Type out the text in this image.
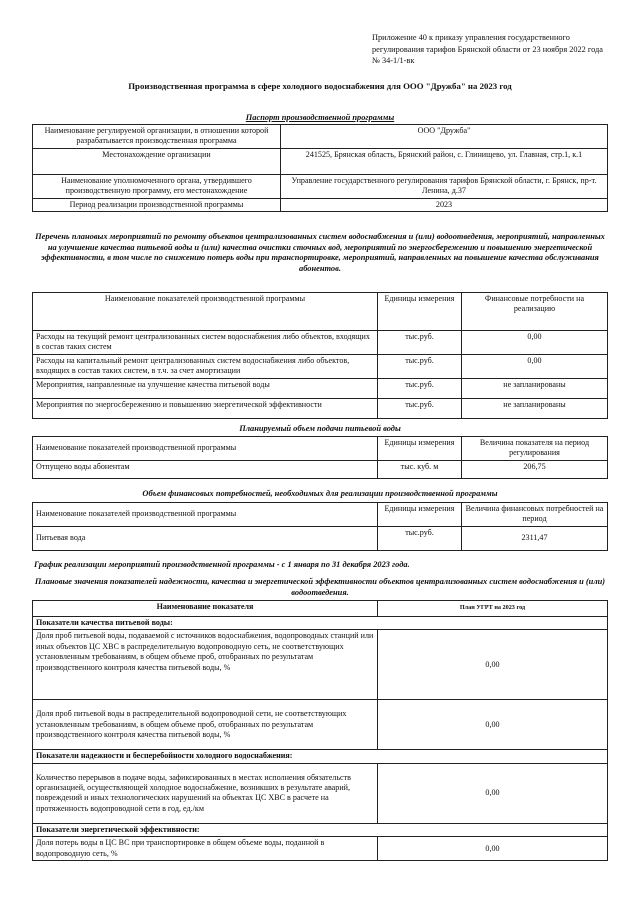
Приложение 40 к приказу управления государственного регулирования тарифов Брянской области от 23 ноября 2022 года № 34-1/1-вк
Производственная программа в сфере холодного водоснабжения для ООО "Дружба" на 2023 год
Паспорт производственной программы
Наименование регулируемой организации, в отношении которой разрабатывается производственная программа	ООО "Дружба"
Местонахождение организации	241525, Брянская область, Брянский район, с. Глинищево, ул. Главная, стр.1, к.1
Наименование уполномоченного органа, утвердившего производственную программу, его местонахождение	Управление государственного регулирования тарифов Брянской области, г. Брянск, пр-т. Ленина, д.37
Период реализации производственной программы	2023
Перечень плановых мероприятий по ремонту объектов централизованных систем водоснабжения и (или) водоотведения, мероприятий, направленных на улучшение качества питьевой воды и (или) качества очистки сточных вод, мероприятий по энергосбережению и повышению энергетической эффективности, в том числе по снижению потерь воды при транспортировке, мероприятий, направленных на повышение качества обслуживания абонентов.
Наименование показателей производственной программы	Единицы измерения	Финансовые потребности на реализацию
Расходы на текущий ремонт централизованных систем водоснабжения либо объектов, входящих в состав таких систем	тыс.руб.	0,00
Расходы на капитальный ремонт централизованных систем водоснабжения либо объектов, входящих в состав таких систем, в т.ч. за счет амортизации	тыс.руб.	0,00
Мероприятия, направленные на улучшение качества питьевой воды	тыс.руб.	не запланированы
Мероприятия по энергосбережению и повышению энергетической эффективности	тыс.руб.	не запланированы
Планируемый объем подачи питьевой воды
Наименование показателей производственной программы	Единицы измерения	Величина показателя на период регулирования
Отпущено воды абонентам	тыс. куб. м	206,75
Объем финансовых потребностей, необходимых для реализации производственной программы
Наименование показателей производственной программы	Единицы измерения	Величина финансовых потребностей на период
Питьевая вода	тыс.руб.	2311,47
График реализации мероприятий производственной программы - с 1 января по 31 декабря 2023 года.
Плановые значения показателей надежности, качества и энергетической эффективности объектов централизованных систем водоснабжения и (или) водоотведения.
Наименование показателя	План УГРТ на 2023 год
Показатели качества питьевой воды:	
Доля проб питьевой воды, подаваемой с источников водоснабжения, водопроводных станций или иных объектов ЦС ХВС в распределительную водопроводную сеть, не соответствующих установленным требованиям, в общем объеме проб, отобранных по результатам производственного контроля качества питьевой воды, %	0,00
Доля проб питьевой воды в распределительной водопроводной сети, не соответствующих установленным требованиям, в общем объеме проб, отобранных по результатам производственного контроля качества питьевой воды, %	0,00
Показатели надежности и бесперебойности холодного водоснабжения:	
Количество перерывов в подаче воды, зафиксированных в местах исполнения обязательств организацией, осуществляющей холодное водоснабжение, возникших в результате аварий, повреждений и иных технологических нарушений на объектах ЦС ХВС в расчете на протяженность водопроводной сети в год, ед./км	0,00
Показатели энергетической эффективности:	
Доля потерь воды в ЦС ВС при транспортировке в общем объеме воды, поданной в водопроводную сеть, %	0,00
